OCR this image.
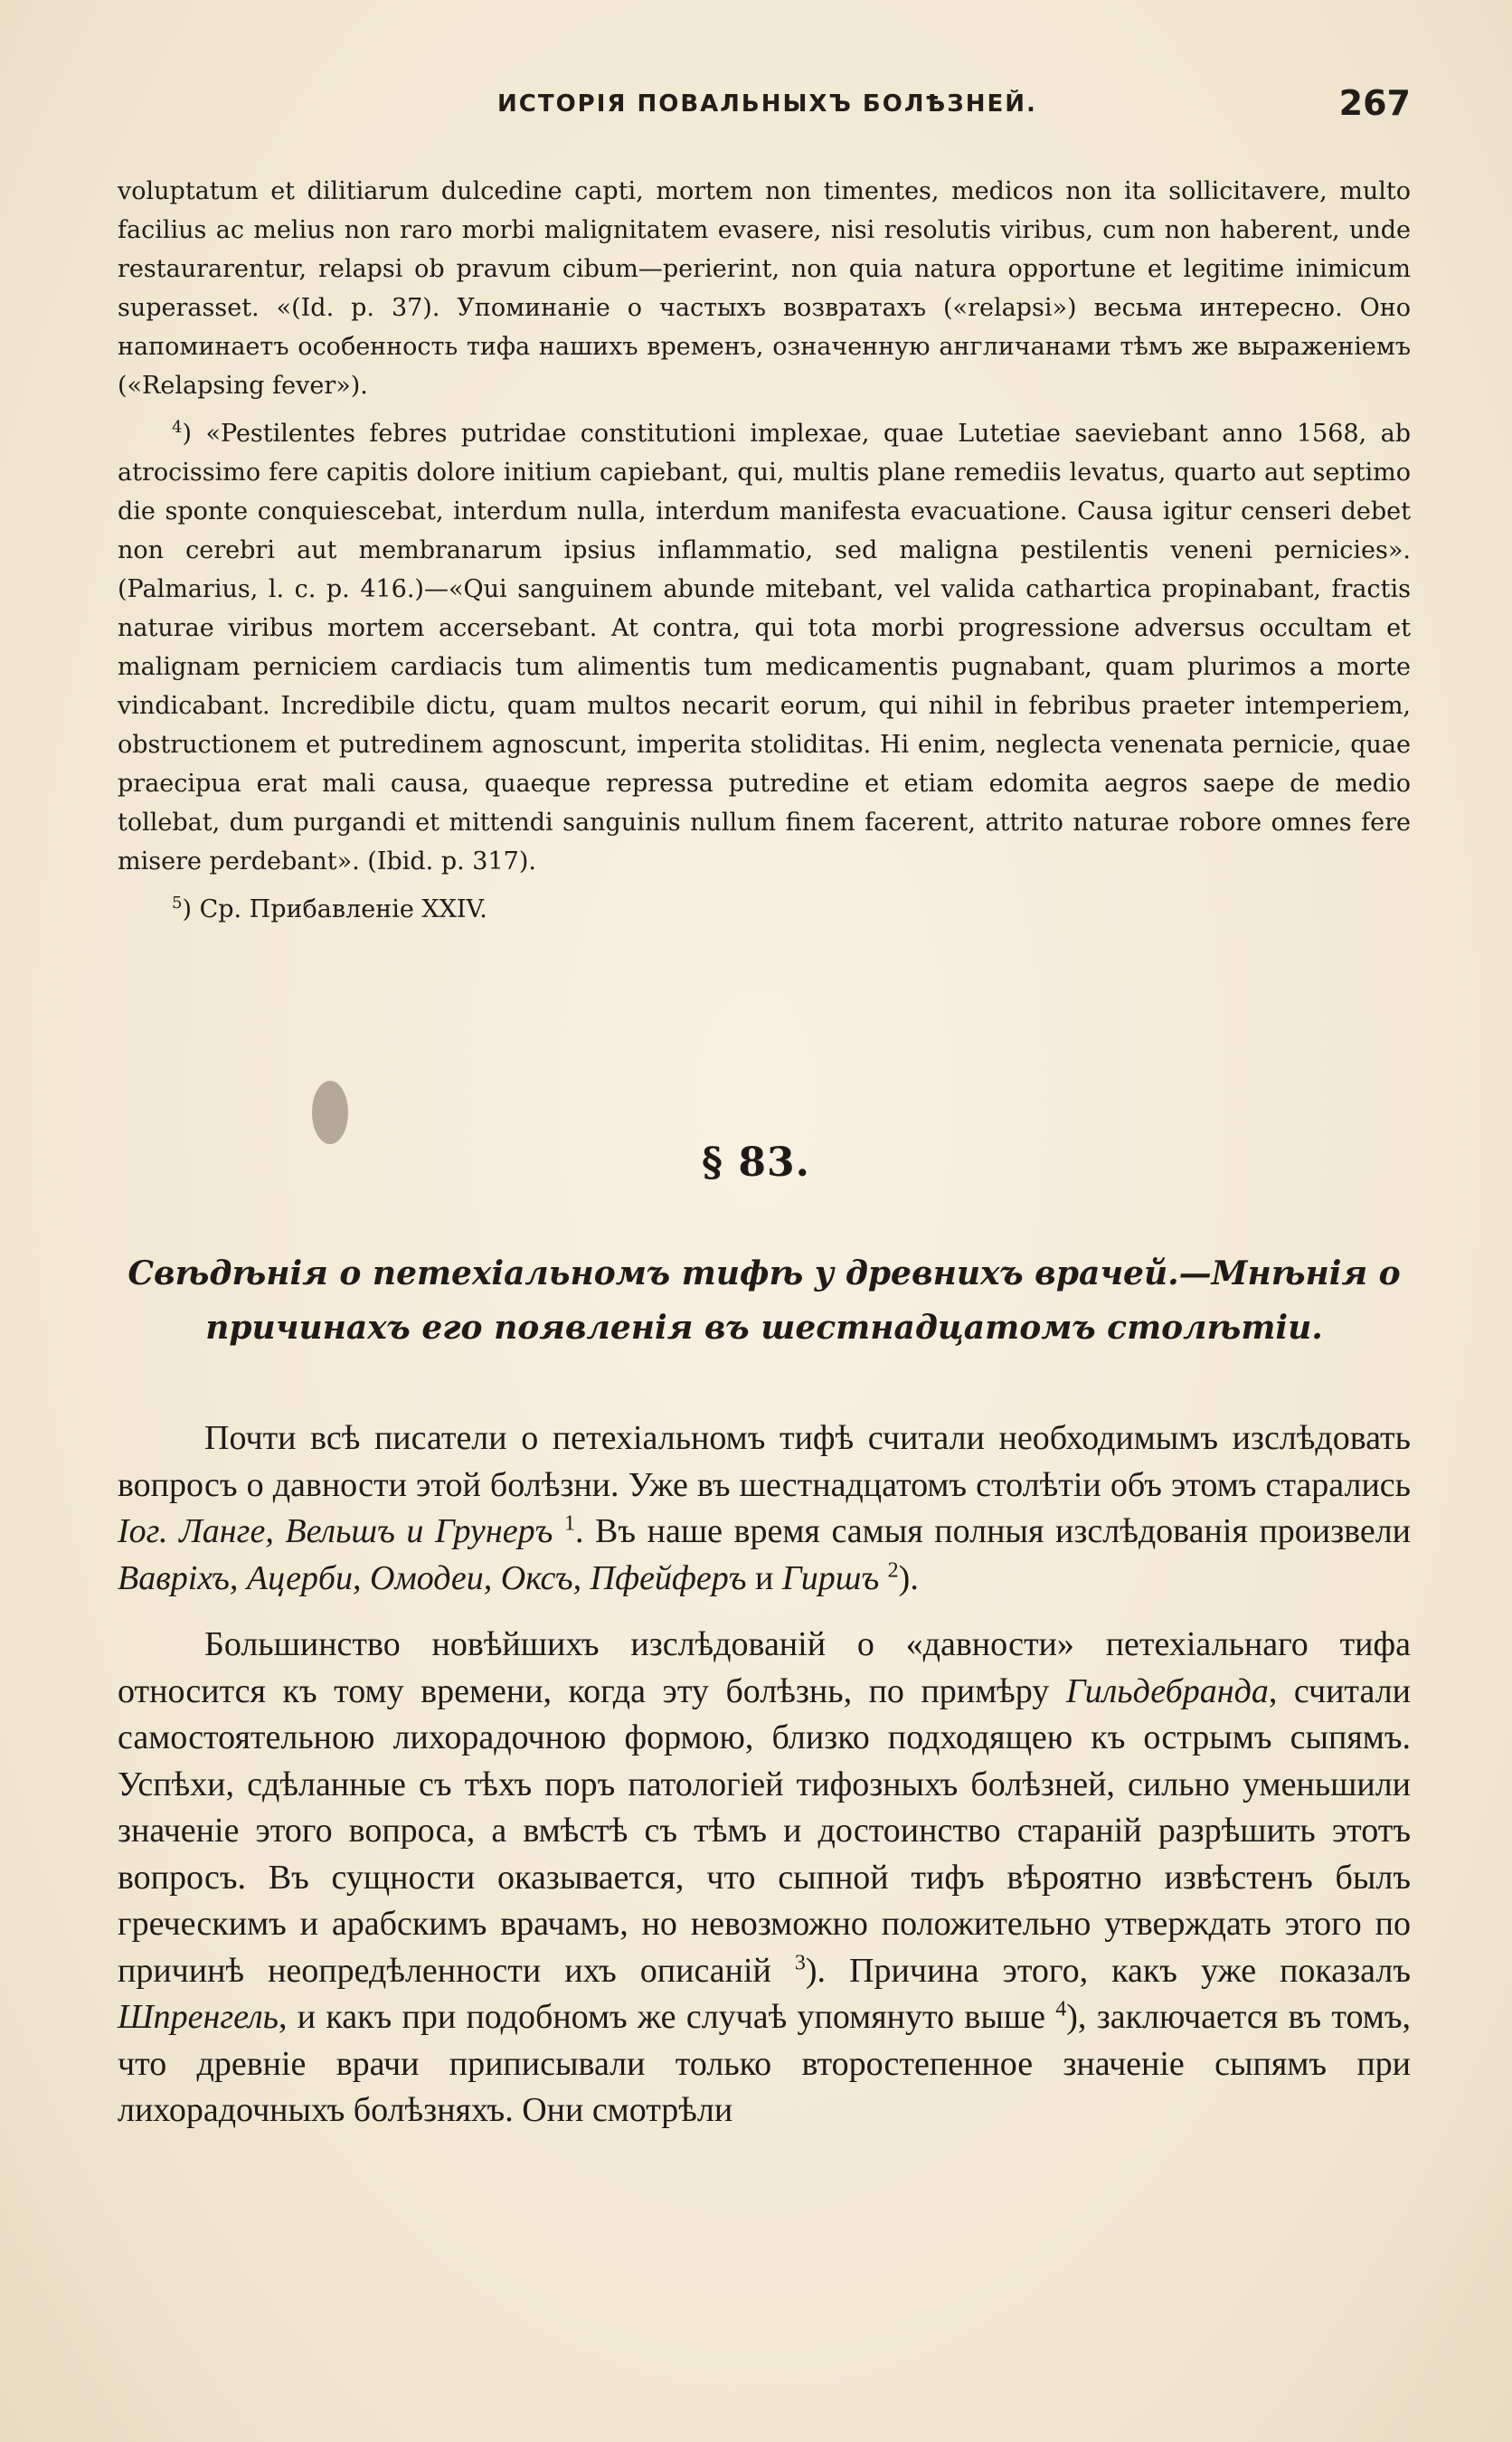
ИСТОРІЯ ПОВАЛЬНЫХЪ БОЛѢЗНЕЙ.	267

voluptatum et dilitiarum dulcedine capti, mortem non timentes, medicos non ita sollicitavere, multo facilius ac melius non raro morbi malignitatem evasere, nisi resolutis viribus, cum non haberent, unde restaurarentur, relapsi ob pravum cibum—perierint, non quia natura opportune et legitime inimicum superasset. «(Id. p. 37). Упоминаніе о частыхъ возвратахъ («relapsi») весьма интересно. Оно напоминаетъ особенность тифа нашихъ временъ, означенную англичанами тѣмъ же выраженіемъ («Relapsing fever»).

$^4$) «Pestilentes febres putridae constitutioni implexae, quae Lutetiae saeviebant anno 1568, ab atrocissimo fere capitis dolore initium capiebant, qui, multis plane remediis levatus, quarto aut septimo die sponte conquiescebat, interdum nulla, interdum manifesta evacuatione. Causa igitur censeri debet non cerebri aut membranarum ipsius inflammatio, sed maligna pestilentis veneni pernicies». (Palmarius, l. c. p. 416.)—«Qui sanguinem abunde mitebant, vel valida cathartica propinabant, fractis naturae viribus mortem accersebant. At contra, qui tota morbi progressione adversus occultam et malignam perniciem cardiacis tum alimentis tum medicamentis pugnabant, quam plurimos a morte vindicabant. Incredibile dictu, quam multos necarit eorum, qui nihil in febribus praeter intemperiem, obstructionem et putredinem agnoscunt, imperita stoliditas. Hi enim, neglecta venenata pernicie, quae praecipua erat mali causa, quaeque repressa putredine et etiam edomita aegros saepe de medio tollebat, dum purgandi et mittendi sanguinis nullum finem facerent, attrito naturae robore omnes fere misere perdebant». (Ibid. p. 317).

$^5$) Ср. Прибавленіе XXIV.

§ 83.
Свѣдѣнія о петехіальномъ тифѣ у древнихъ врачей.—Мнѣнія о причинахъ его появленія въ шестнадцатомъ столѣтіи.

Почти всѣ писатели о петехіальномъ тифѣ считали необходимымъ изслѣдовать вопросъ о давности этой болѣзни. Уже въ шестнадцатомъ столѣтіи объ этомъ старались Іог. Ланге, Вельшъ и Грунеръ $^1$. Въ наше время самыя полныя изслѣдованія произвели Вавріхъ, Ацерби, Омодеи, Оксъ, Пфейферъ и Гиршъ $^2$).

Большинство новѣйшихъ изслѣдованій о «давности» петехіальнаго тифа относится къ тому времени, когда эту болѣзнь, по примѣру Гильдебранда, считали самостоятельною лихорадочною формою, близко подходящею къ острымъ сыпямъ. Успѣхи, сдѣланные съ тѣхъ поръ патологіей тифозныхъ болѣзней, сильно уменьшили значеніе этого вопроса, а вмѣстѣ съ тѣмъ и достоинство стараній разрѣшить этотъ вопросъ. Въ сущности оказывается, что сыпной тифъ вѣроятно извѣстенъ былъ греческимъ и арабскимъ врачамъ, но невозможно положительно утверждать этого по причинѣ неопредѣленности ихъ описаній $^3$). Причина этого, какъ уже показалъ Шпренгель, и какъ при подобномъ же случаѣ упомянуто выше $^4$), заключается въ томъ, что древніе врачи приписывали только второстепенное значеніе сыпямъ при лихорадочныхъ болѣзняхъ. Они смотрѣли
